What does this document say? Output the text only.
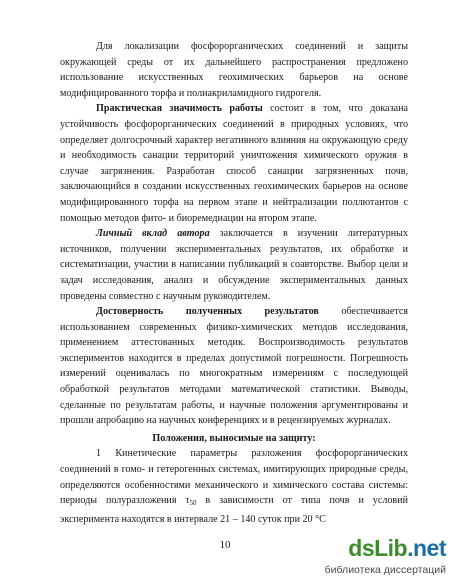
Для локализации фосфорорганических соединений и защиты окружающей среды от их дальнейшего распространения предложено использование искусственных геохимических барьеров на основе модифицированного торфа и полиакриламидного гидрогеля.

Практическая значимость работы состоит в том, что доказана устойчивость фосфорорганических соединений в природных условиях, что определяет долгосрочный характер негативного влияния на окружающую среду и необходимость санации территорий уничтожения химического оружия в случае загрязнения. Разработан способ санации загрязненных почв, заключающийся в создании искусственных геохимических барьеров на основе модифицированного торфа на первом этапе и нейтрализации поллютантов с помощью методов фито- и биоремедиации на втором этапе.

Личный вклад автора заключается в изучении литературных источников, получении экспериментальных результатов, их обработке и систематизации, участии в написании публикаций в соавторстве. Выбор цели и задач исследования, анализ и обсуждение экспериментальных данных проведены совместно с научным руководителем.

Достоверность полученных результатов обеспечивается использованием современных физико-химических методов исследования, применением аттестованных методик. Воспроизводимость результатов экспериментов находится в пределах допустимой погрешности. Погрешность измерений оценивалась по многократным измерениям с последующей обработкой результатов методами математической статистики. Выводы, сделанные по результатам работы, и научные положения аргументированы и прошли апробацию на научных конференциях и в рецензируемых журналах.

Положения, выносимые на защиту:

1 Кинетические параметры разложения фосфорорганических соединений в гомо- и гетерогенных системах, имитирующих природные среды, определяются особенностями механического и химического состава системы: периоды полуразложения $\tau_{50}$ в зависимости от типа почв и условий эксперимента находятся в интервале 21 – 140 суток при 20 °С

10	dsLib.net
библиотека диссертаций
